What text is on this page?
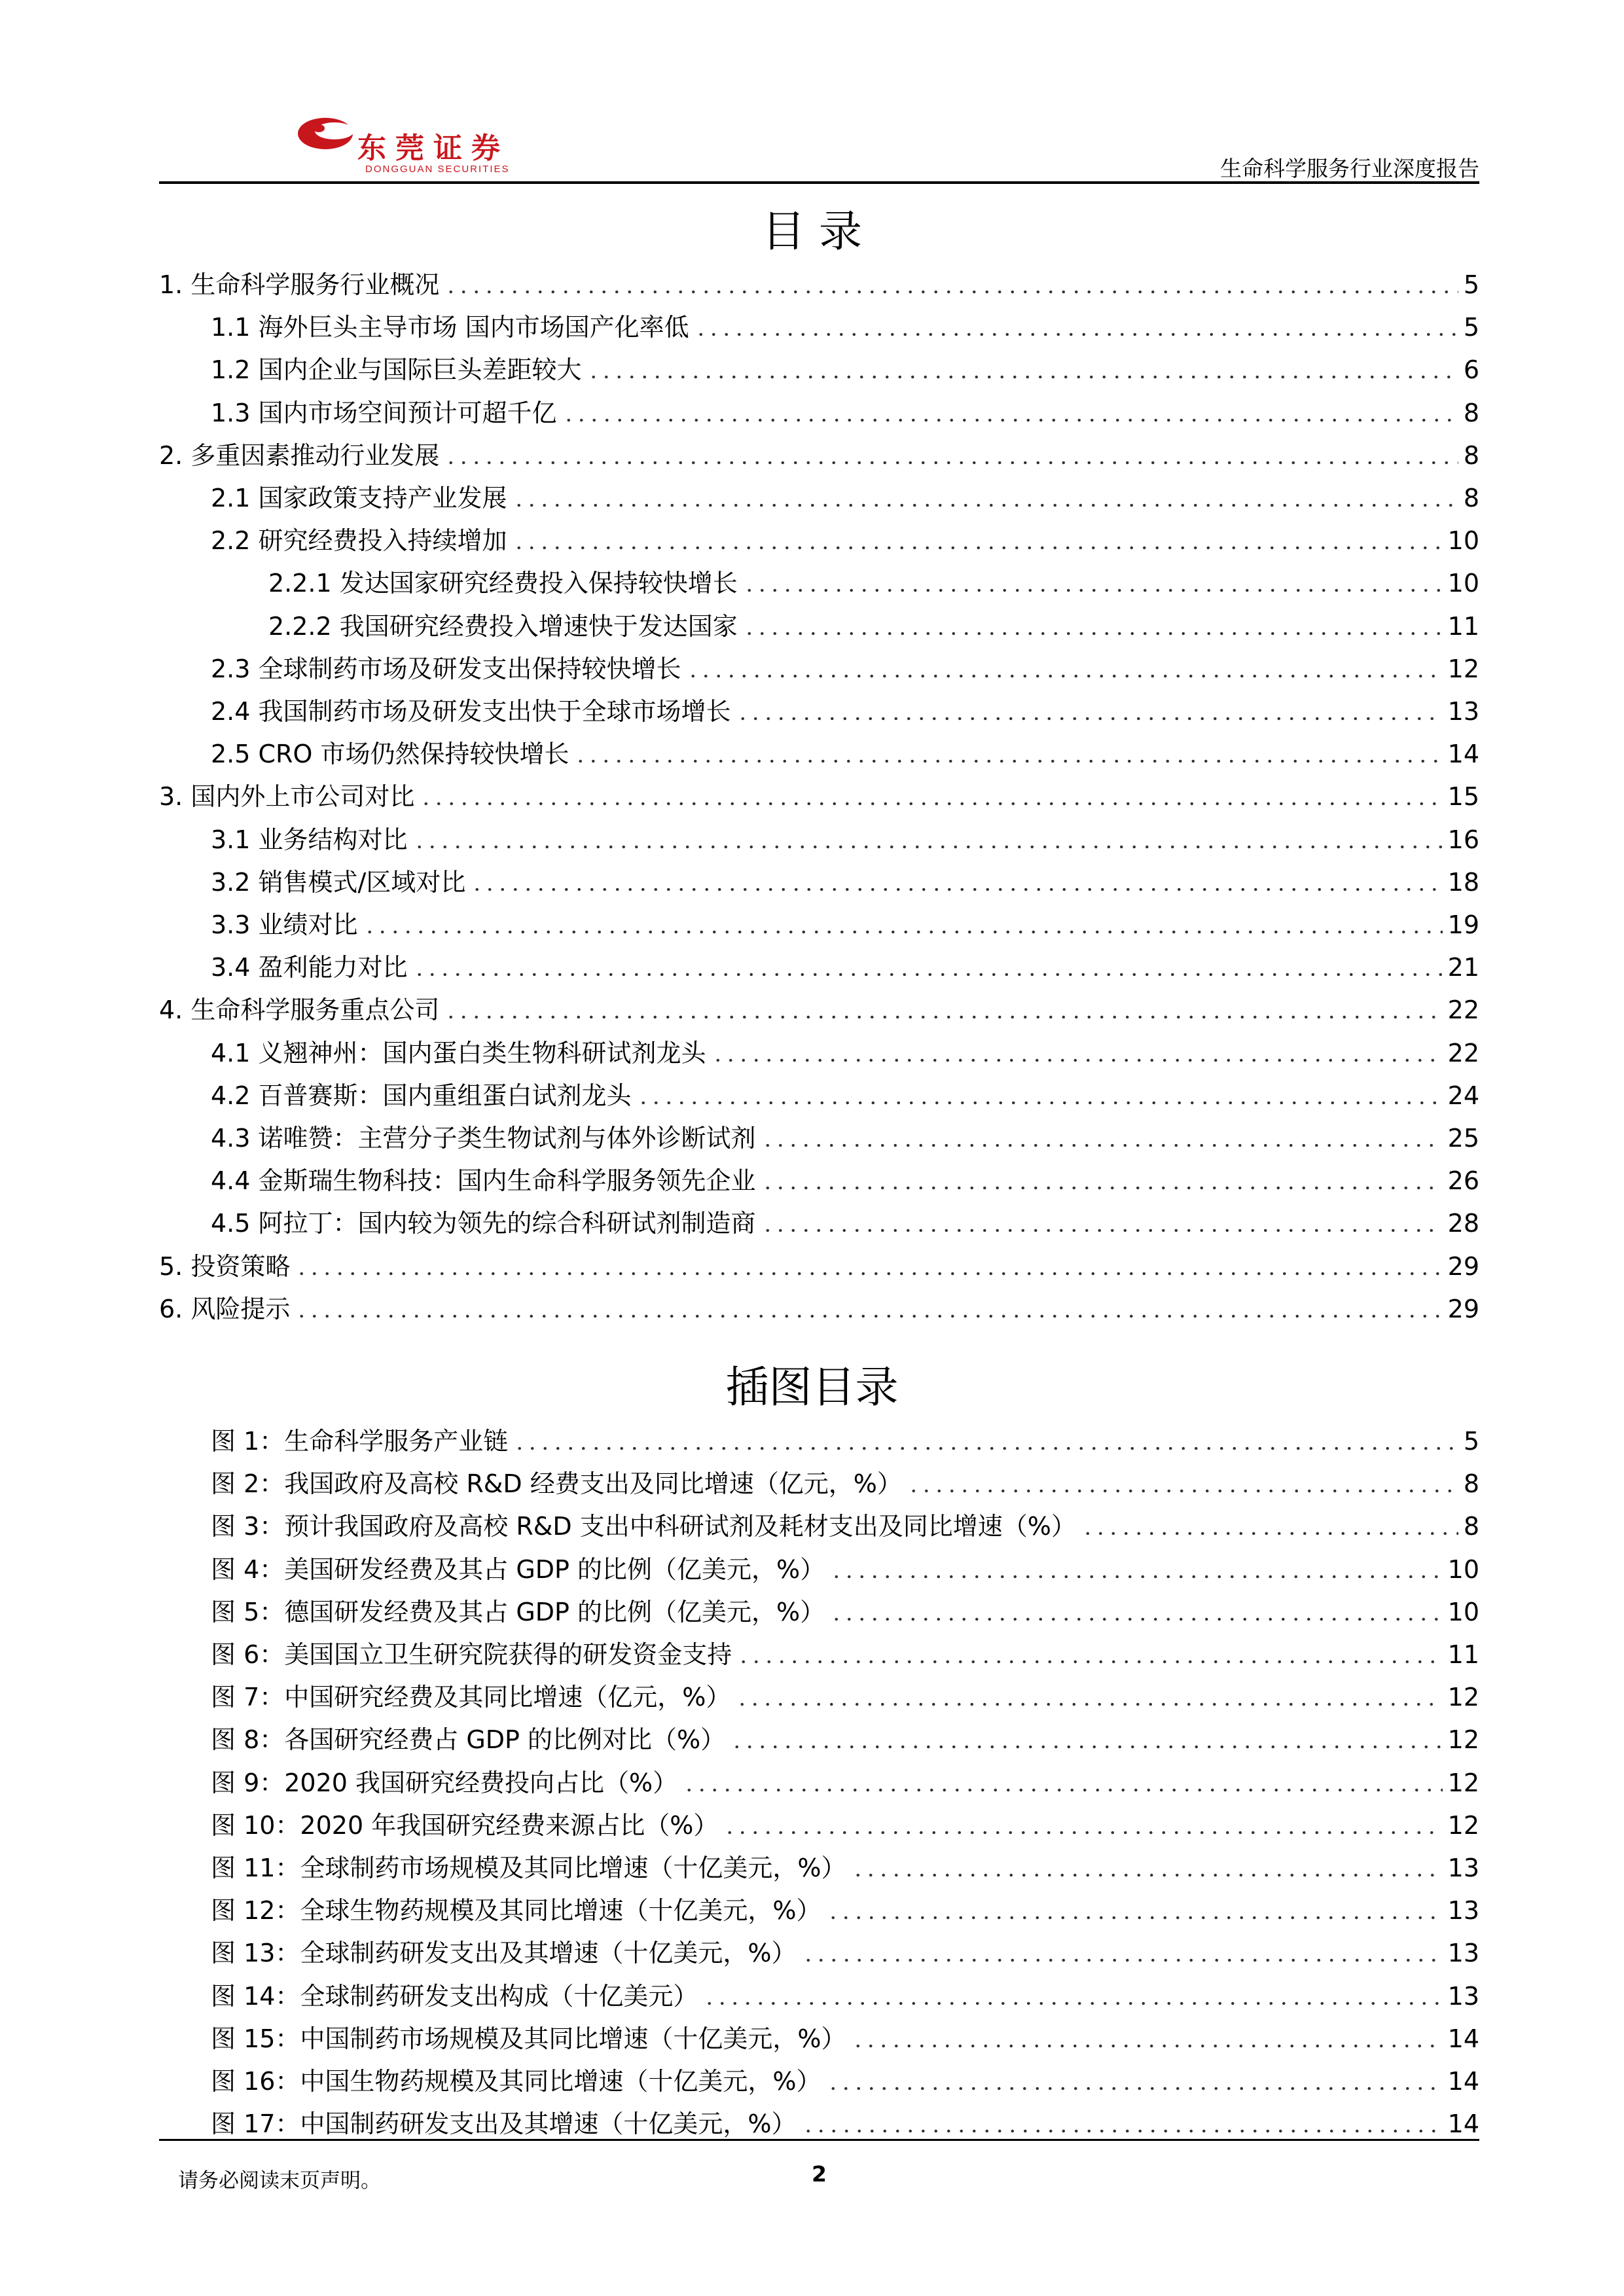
东莞证券
DONGGUAN SECURITIES	生命科学服务行业深度报告
目 录
插图目录
1. 生命科学服务行业概况	5
1.1 海外巨头主导市场 国内市场国产化率低	5
1.2 国内企业与国际巨头差距较大	6
1.3 国内市场空间预计可超千亿	8
2. 多重因素推动行业发展	8
2.1 国家政策支持产业发展	8
2.2 研究经费投入持续增加	10
2.2.1 发达国家研究经费投入保持较快增长	10
2.2.2 我国研究经费投入增速快于发达国家	11
2.3 全球制药市场及研发支出保持较快增长	12
2.4 我国制药市场及研发支出快于全球市场增长	13
2.5 CRO 市场仍然保持较快增长	14
3. 国内外上市公司对比	15
3.1 业务结构对比	16
3.2 销售模式/区域对比	18
3.3 业绩对比	19
3.4 盈利能力对比	21
4. 生命科学服务重点公司	22
4.1 义翘神州：国内蛋白类生物科研试剂龙头	22
4.2 百普赛斯：国内重组蛋白试剂龙头	24
4.3 诺唯赞：主营分子类生物试剂与体外诊断试剂	25
4.4 金斯瑞生物科技：国内生命科学服务领先企业	26
4.5 阿拉丁：国内较为领先的综合科研试剂制造商	28
5. 投资策略	29
6. 风险提示	29
图 1：生命科学服务产业链	5
图 2：我国政府及高校 R&D 经费支出及同比增速（亿元，%）	8
图 3：预计我国政府及高校 R&D 支出中科研试剂及耗材支出及同比增速（%）	8
图 4：美国研发经费及其占 GDP 的比例（亿美元，%）	10
图 5：德国研发经费及其占 GDP 的比例（亿美元，%）	10
图 6：美国国立卫生研究院获得的研发资金支持	11
图 7：中国研究经费及其同比增速（亿元，%）	12
图 8：各国研究经费占 GDP 的比例对比（%）	12
图 9：2020 我国研究经费投向占比（%）	12
图 10：2020 年我国研究经费来源占比（%）	12
图 11：全球制药市场规模及其同比增速（十亿美元，%）	13
图 12：全球生物药规模及其同比增速（十亿美元，%）	13
图 13：全球制药研发支出及其增速（十亿美元，%）	13
图 14：全球制药研发支出构成（十亿美元）	13
图 15：中国制药市场规模及其同比增速（十亿美元，%）	14
图 16：中国生物药规模及其同比增速（十亿美元，%）	14
图 17：中国制药研发支出及其增速（十亿美元，%）	14
请务必阅读末页声明。	2
